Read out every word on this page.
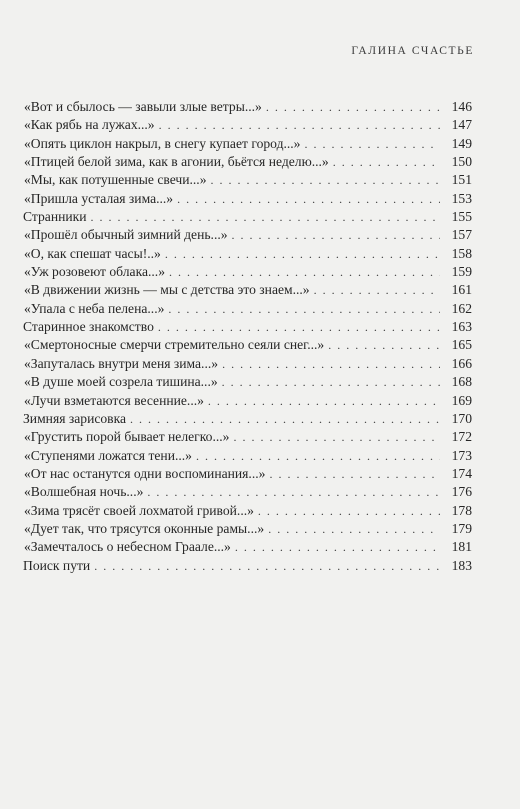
ГАЛИНА СЧАСТЬЕ
«Вот и сбылось — завыли злые ветры...» . . .	146
«Как рябь на лужах...» . . .	147
«Опять циклон накрыл, в снегу купает город...» . . .	149
«Птицей белой зима, как в агонии, бьётся неделю...» . . .	150
«Мы, как потушенные свечи...» . . .	151
«Пришла усталая зима...» . . .	153
Странники . . .	155
«Прошёл обычный зимний день...» . . .	157
«О, как спешат часы!..» . . .	158
«Уж розовеют облака...» . . .	159
«В движении жизнь — мы с детства это знаем...» . . .	161
«Упала с неба пелена...» . . .	162
Старинное знакомство . . .	163
«Смертоносные смерчи стремительно сеяли снег...» . . .	165
«Запуталась внутри меня зима...» . . .	166
«В душе моей созрела тишина...» . . .	168
«Лучи взметаются весенние...» . . .	169
Зимняя зарисовка . . .	170
«Грустить порой бывает нелегко...» . . .	172
«Ступенями ложатся тени...» . . .	173
«От нас останутся одни воспоминания...» . . .	174
«Волшебная ночь...» . . .	176
«Зима трясёт своей лохматой гривой...» . . .	178
«Дует так, что трясутся оконные рамы...» . . .	179
«Замечталось о небесном Граале...» . . .	181
Поиск пути . . .	183
